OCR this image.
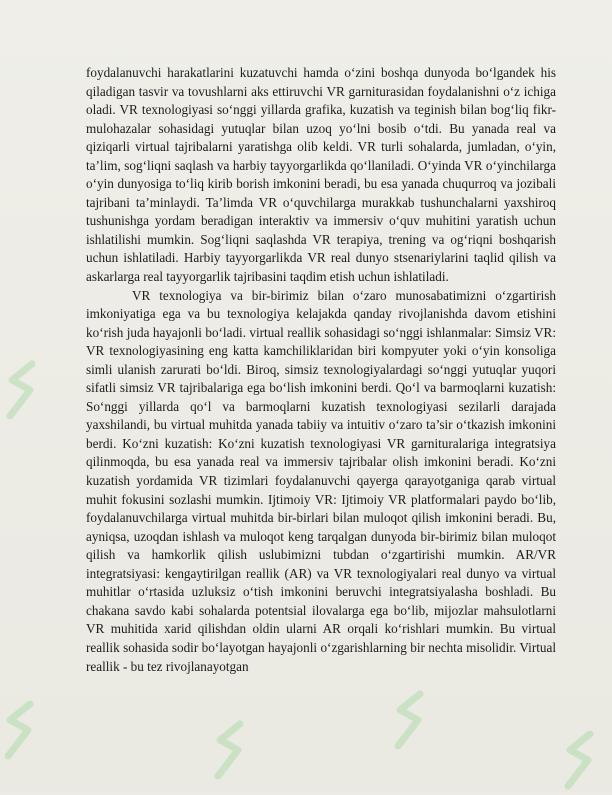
foydalanuvchi harakatlarini kuzatuvchi hamda o‘zini boshqa dunyoda bo‘lgandek his qiladigan tasvir va tovushlarni aks ettiruvchi VR garniturasidan foydalanishni o‘z ichiga oladi. VR texnologiyasi so‘nggi yillarda grafika, kuzatish va teginish bilan bog‘liq fikr-mulohazalar sohasidagi yutuqlar bilan uzoq yo‘lni bosib o‘tdi. Bu yanada real va qiziqarli virtual tajribalarni yaratishga olib keldi. VR turli sohalarda, jumladan, o‘yin, ta’lim, sog‘liqni saqlash va harbiy tayyorgarlikda qo‘llaniladi. O‘yinda VR o‘yinchilarga o‘yin dunyosiga to‘liq kirib borish imkonini beradi, bu esa yanada chuqurroq va jozibali tajribani ta’minlaydi. Ta’limda VR o‘quvchilarga murakkab tushunchalarni yaxshiroq tushunishga yordam beradigan interaktiv va immersiv o‘quv muhitini yaratish uchun ishlatilishi mumkin. Sog‘liqni saqlashda VR terapiya, trening va og‘riqni boshqarish uchun ishlatiladi. Harbiy tayyorgarlikda VR real dunyo stsenariylarini taqlid qilish va askarlarga real tayyorgarlik tajribasini taqdim etish uchun ishlatiladi.

VR texnologiya va bir-birimiz bilan o‘zaro munosabatimizni o‘zgartirish imkoniyatiga ega va bu texnologiya kelajakda qanday rivojlanishda davom etishini ko‘rish juda hayajonli bo‘ladi. virtual reallik sohasidagi so‘nggi ishlanmalar: Simsiz VR: VR texnologiyasining eng katta kamchiliklaridan biri kompyuter yoki o‘yin konsoliga simli ulanish zarurati bo‘ldi. Biroq, simsiz texnologiyalardagi so‘nggi yutuqlar yuqori sifatli simsiz VR tajribalariga ega bo‘lish imkonini berdi. Qo‘l va barmoqlarni kuzatish: So‘nggi yillarda qo‘l va barmoqlarni kuzatish texnologiyasi sezilarli darajada yaxshilandi, bu virtual muhitda yanada tabiiy va intuitiv o‘zaro ta’sir o‘tkazish imkonini berdi. Ko‘zni kuzatish: Ko‘zni kuzatish texnologiyasi VR garnituralariga integratsiya qilinmoqda, bu esa yanada real va immersiv tajribalar olish imkonini beradi. Ko‘zni kuzatish yordamida VR tizimlari foydalanuvchi qayerga qarayotganiga qarab virtual muhit fokusini sozlashi mumkin. Ijtimoiy VR: Ijtimoiy VR platformalari paydo bo‘lib, foydalanuvchilarga virtual muhitda bir-birlari bilan muloqot qilish imkonini beradi. Bu, ayniqsa, uzoqdan ishlash va muloqot keng tarqalgan dunyoda bir-birimiz bilan muloqot qilish va hamkorlik qilish uslubimizni tubdan o‘zgartirishi mumkin. AR/VR integratsiyasi: kengaytirilgan reallik (AR) va VR texnologiyalari real dunyo va virtual muhitlar o‘rtasida uzluksiz o‘tish imkonini beruvchi integratsiyalasha boshladi. Bu chakana savdo kabi sohalarda potentsial ilovalarga ega bo‘lib, mijozlar mahsulotlarni VR muhitida xarid qilishdan oldin ularni AR orqali ko‘rishlari mumkin. Bu virtual reallik sohasida sodir bo‘layotgan hayajonli o‘zgarishlarning bir nechta misolidir. Virtual reallik - bu tez rivojlanayotgan
